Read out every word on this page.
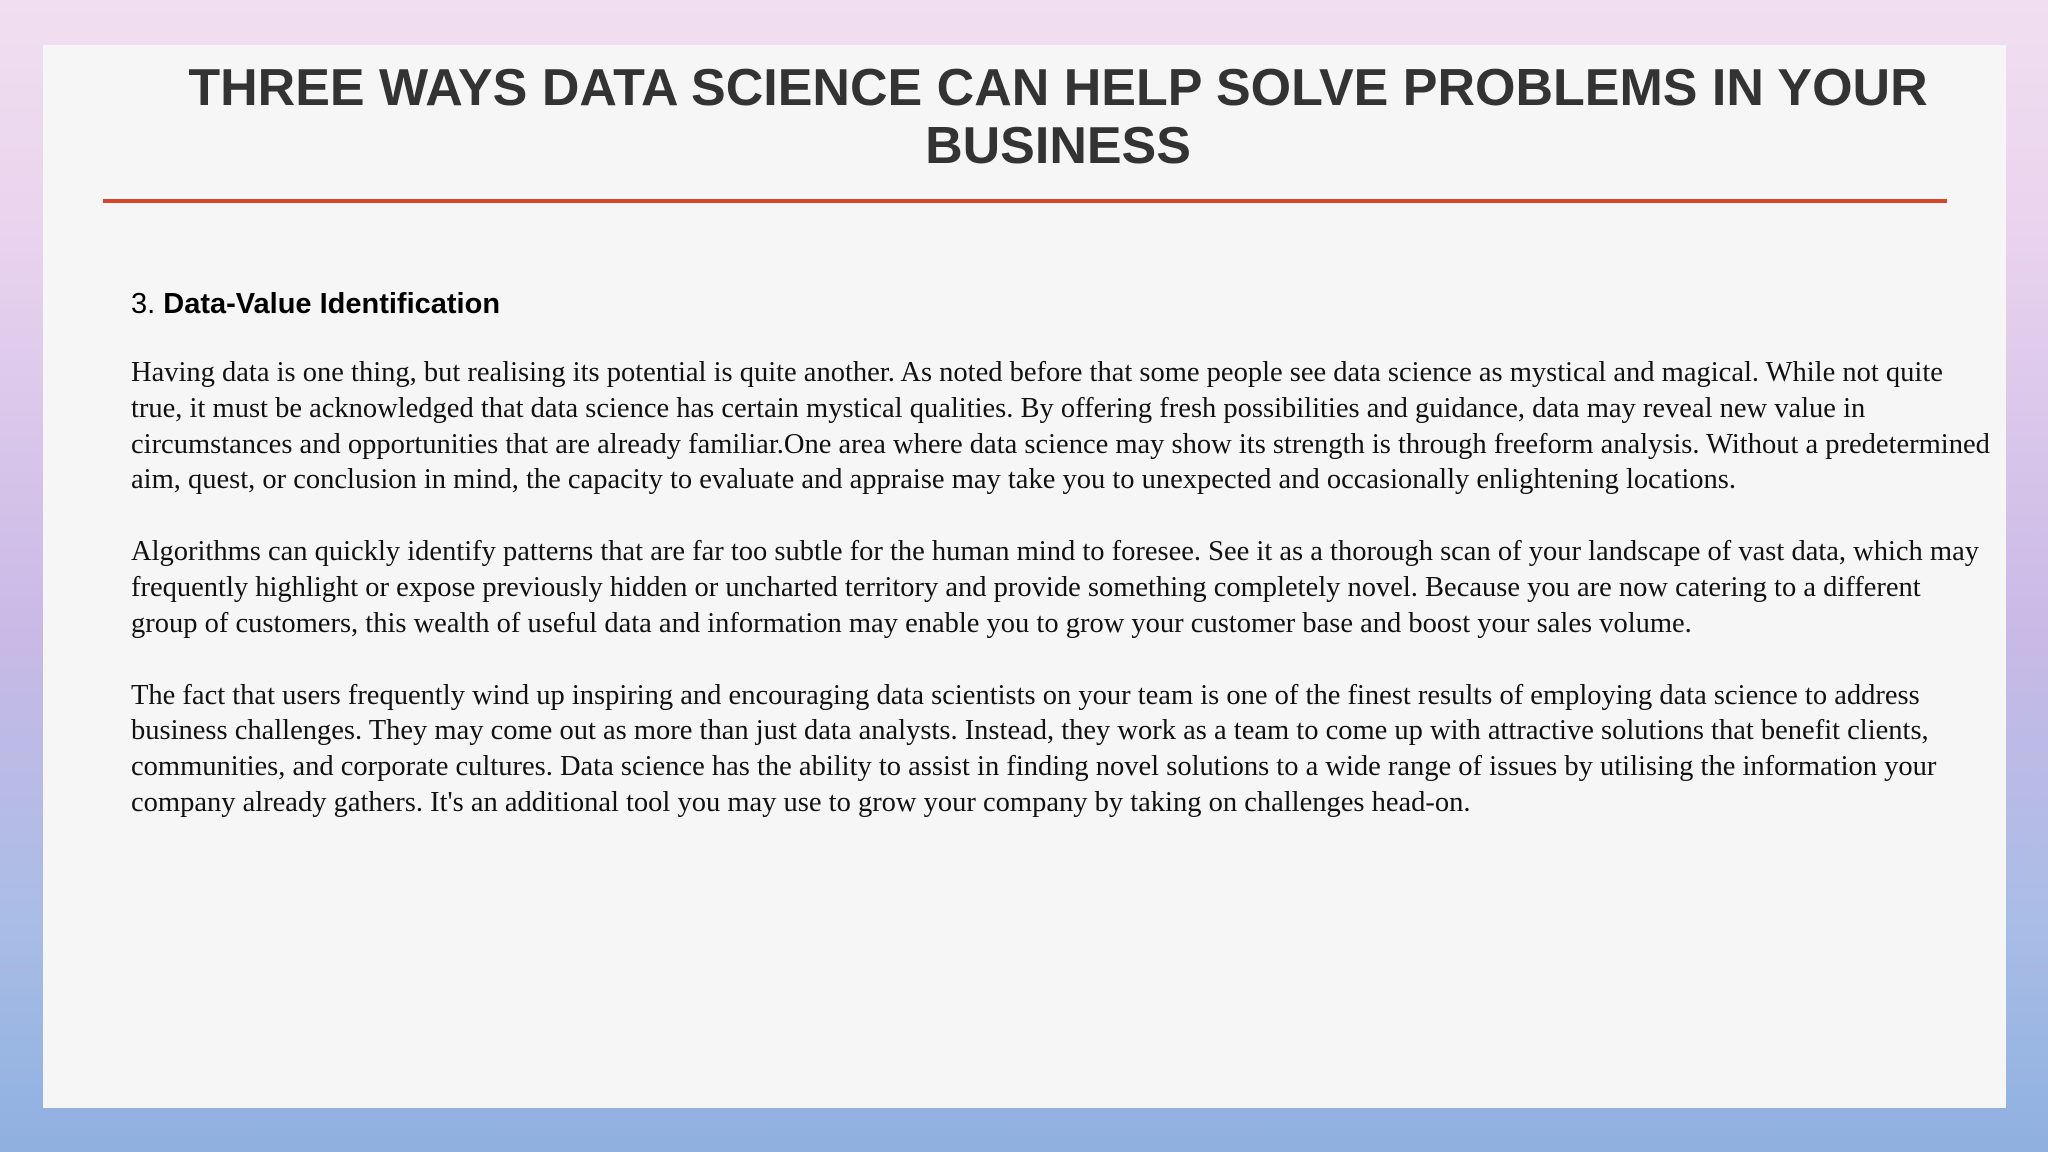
THREE WAYS DATA SCIENCE CAN HELP SOLVE PROBLEMS IN YOUR BUSINESS

3. Data-Value Identification

Having data is one thing, but realising its potential is quite another. As noted before that some people see data science as mystical and magical. While not quite true, it must be acknowledged that data science has certain mystical qualities. By offering fresh possibilities and guidance, data may reveal new value in circumstances and opportunities that are already familiar.One area where data science may show its strength is through freeform analysis. Without a predetermined aim, quest, or conclusion in mind, the capacity to evaluate and appraise may take you to unexpected and occasionally enlightening locations.

Algorithms can quickly identify patterns that are far too subtle for the human mind to foresee. See it as a thorough scan of your landscape of vast data, which may frequently highlight or expose previously hidden or uncharted territory and provide something completely novel. Because you are now catering to a different group of customers, this wealth of useful data and information may enable you to grow your customer base and boost your sales volume.

The fact that users frequently wind up inspiring and encouraging data scientists on your team is one of the finest results of employing data science to address business challenges. They may come out as more than just data analysts. Instead, they work as a team to come up with attractive solutions that benefit clients, communities, and corporate cultures. Data science has the ability to assist in finding novel solutions to a wide range of issues by utilising the information your company already gathers. It's an additional tool you may use to grow your company by taking on challenges head-on.
